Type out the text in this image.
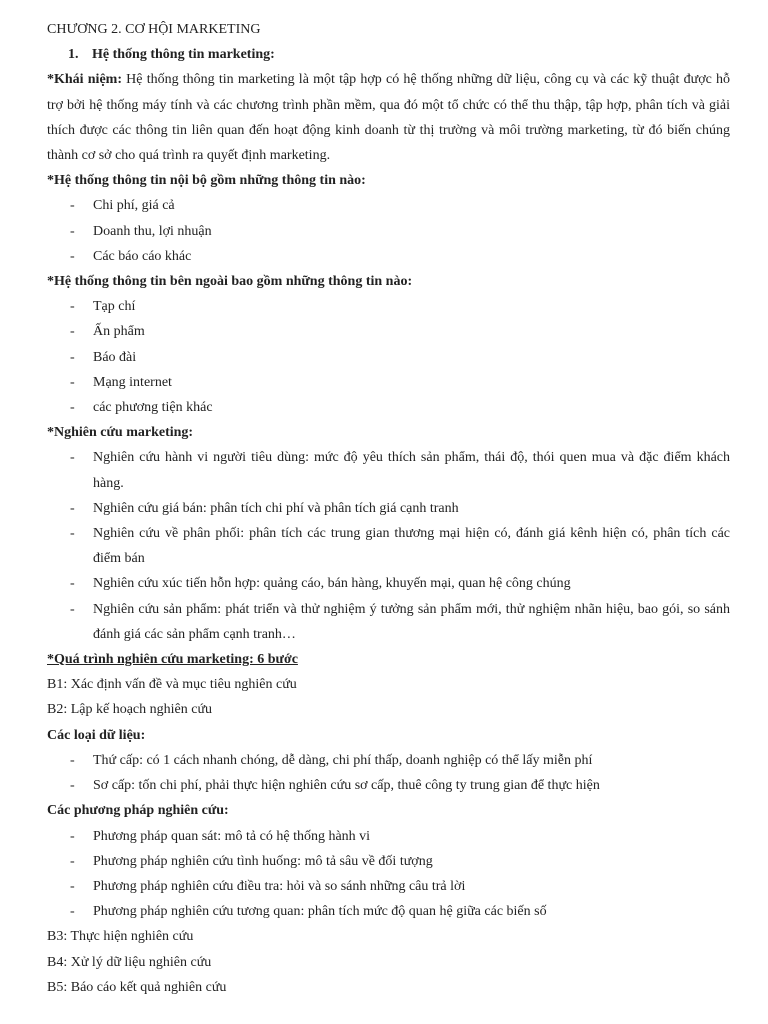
CHƯƠNG 2. CƠ HỘI MARKETING
1. Hệ thống thông tin marketing:
*Khái niệm: Hệ thống thông tin marketing là một tập hợp có hệ thống những dữ liệu, công cụ và các kỹ thuật được hỗ trợ bởi hệ thống máy tính và các chương trình phần mềm, qua đó một tổ chức có thể thu thập, tập hợp, phân tích và giải thích được các thông tin liên quan đến hoạt động kinh doanh từ thị trường và môi trường marketing, từ đó biến chúng thành cơ sở cho quá trình ra quyết định marketing.
*Hệ thống thông tin nội bộ gồm những thông tin nào:
- Chi phí, giá cả
- Doanh thu, lợi nhuận
- Các báo cáo khác
*Hệ thống thông tin bên ngoài bao gồm những thông tin nào:
- Tạp chí
- Ấn phẩm
- Báo đài
- Mạng internet
- các phương tiện khác
*Nghiên cứu marketing:
- Nghiên cứu hành vi người tiêu dùng: mức độ yêu thích sản phẩm, thái độ, thói quen mua và đặc điểm khách hàng.
- Nghiên cứu giá bán: phân tích chi phí và phân tích giá cạnh tranh
- Nghiên cứu về phân phối: phân tích các trung gian thương mại hiện có, đánh giá kênh hiện có, phân tích các điểm bán
- Nghiên cứu xúc tiến hỗn hợp: quảng cáo, bán hàng, khuyến mại, quan hệ công chúng
- Nghiên cứu sản phẩm: phát triển và thử nghiệm ý tưởng sản phẩm mới, thử nghiệm nhãn hiệu, bao gói, so sánh đánh giá các sản phẩm cạnh tranh…
*Quá trình nghiên cứu marketing: 6 bước
B1: Xác định vấn đề và mục tiêu nghiên cứu
B2: Lập kế hoạch nghiên cứu
Các loại dữ liệu:
- Thứ cấp: có 1 cách nhanh chóng, dễ dàng, chi phí thấp, doanh nghiệp có thể lấy miễn phí
- Sơ cấp: tốn chi phí, phải thực hiện nghiên cứu sơ cấp, thuê công ty trung gian để thực hiện
Các phương pháp nghiên cứu:
- Phương pháp quan sát: mô tả có hệ thống hành vi
- Phương pháp nghiên cứu tình huống: mô tả sâu về đối tượng
- Phương pháp nghiên cứu điều tra: hỏi và so sánh những câu trả lời
- Phương pháp nghiên cứu tương quan: phân tích mức độ quan hệ giữa các biến số
B3: Thực hiện nghiên cứu
B4: Xử lý dữ liệu nghiên cứu
B5: Báo cáo kết quả nghiên cứu
